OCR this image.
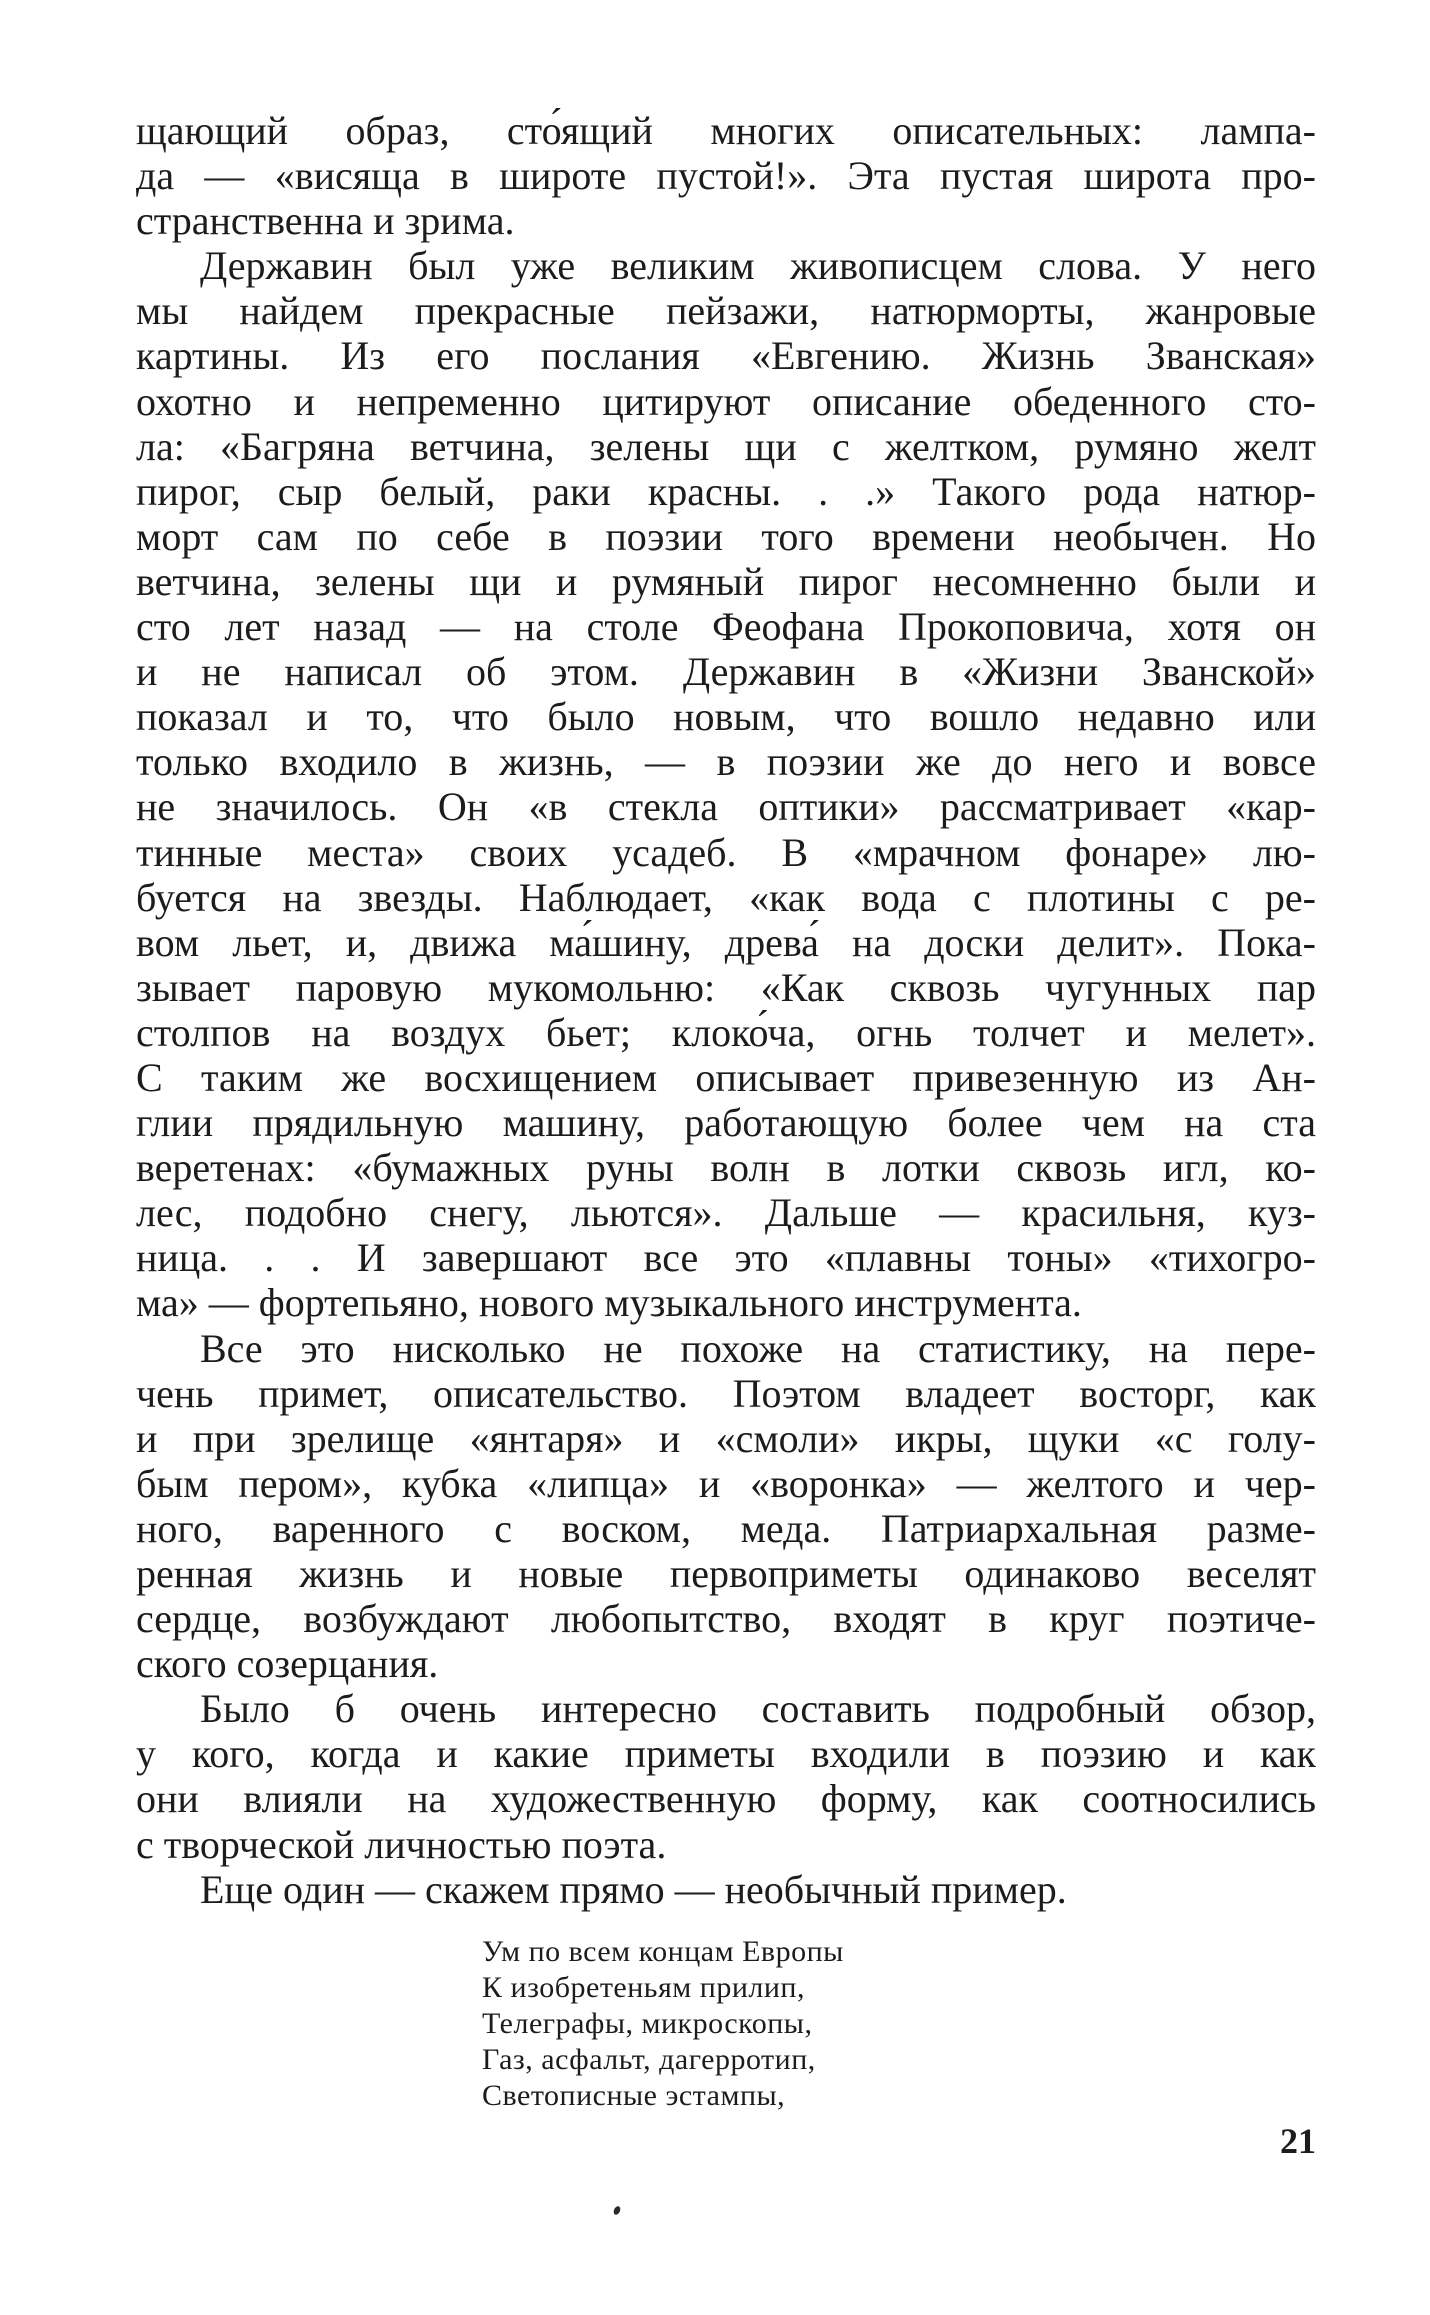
щающий образ, сто́ящий многих описательных: лампа-
да — «висяща в широте пустой!». Эта пустая широта про-
странственна и зрима.
Державин был уже великим живописцем слова. У него
мы найдем прекрасные пейзажи, натюрморты, жанровые
картины. Из его послания «Евгению. Жизнь Званская»
охотно и непременно цитируют описание обеденного сто-
ла: «Багряна ветчина, зелены щи с желтком, румяно желт
пирог, сыр белый, раки красны. . .» Такого рода натюр-
морт сам по себе в поэзии того времени необычен. Но
ветчина, зелены щи и румяный пирог несомненно были и
сто лет назад — на столе Феофана Прокоповича, хотя он
и не написал об этом. Державин в «Жизни Званской»
показал и то, что было новым, что вошло недавно или
только входило в жизнь, — в поэзии же до него и вовсе
не значилось. Он «в стекла оптики» рассматривает «кар-
тинные места» своих усадеб. В «мрачном фонаре» лю-
буется на звезды. Наблюдает, «как вода с плотины с ре-
вом льет, и, движа ма́шину, древа́ на доски делит». Пока-
зывает паровую мукомольню: «Как сквозь чугунных пар
столпов на воздух бьет; клоко́ча, огнь толчет и мелет».
С таким же восхищением описывает привезенную из Ан-
глии прядильную машину, работающую более чем на ста
веретенах: «бумажных руны волн в лотки сквозь игл, ко-
лес, подобно снегу, льются». Дальше — красильня, куз-
ница. . . И завершают все это «плавны тоны» «тихогро-
ма» — фортепьяно, нового музыкального инструмента.
Все это нисколько не похоже на статистику, на пере-
чень примет, описательство. Поэтом владеет восторг, как
и при зрелище «янтаря» и «смоли» икры, щуки «с голу-
бым пером», кубка «липца» и «воронка» — желтого и чер-
ного, варенного с воском, меда. Патриархальная разме-
ренная жизнь и новые первоприметы одинаково веселят
сердце, возбуждают любопытство, входят в круг поэтиче-
ского созерцания.
Было б очень интересно составить подробный обзор,
у кого, когда и какие приметы входили в поэзию и как
они влияли на художественную форму, как соотносились
с творческой личностью поэта.
Еще один — скажем прямо — необычный пример.
Ум по всем концам Европы
К изобретеньям прилип,
Телеграфы, микроскопы,
Газ, асфальт, дагерротип,
Светописные эстампы,
21
